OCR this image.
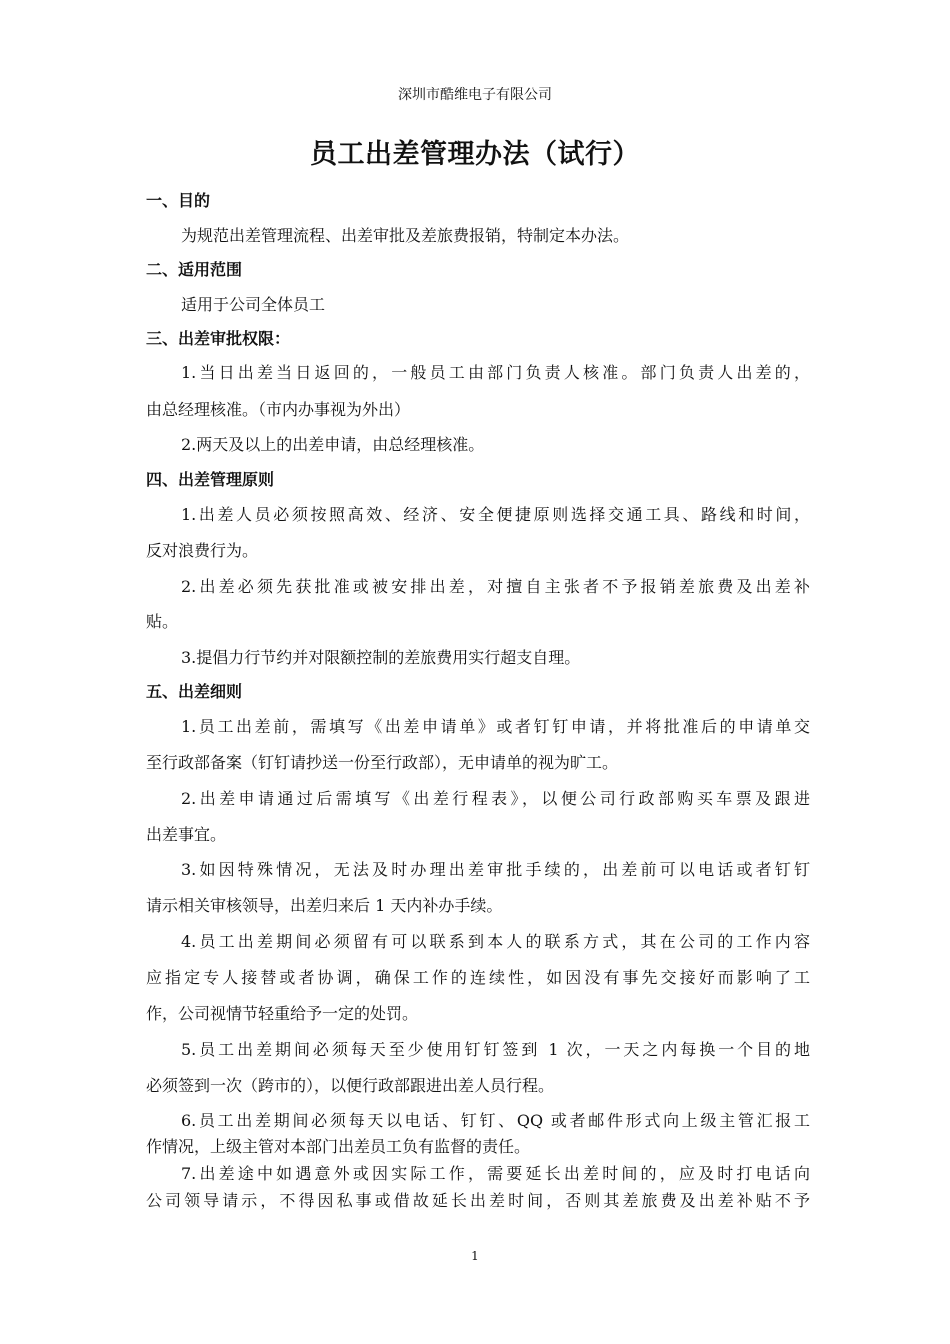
深圳市酷维电子有限公司
员工出差管理办法（试行）
一、目的
为规范出差管理流程、出差审批及差旅费报销，特制定本办法。
二、适用范围
适用于公司全体员工
三、出差审批权限：
1.当日出差当日返回的，一般员工由部门负责人核准。部门负责人出差的，
由总经理核准。（市内办事视为外出）
2.两天及以上的出差申请，由总经理核准。
四、出差管理原则
1.出差人员必须按照高效、经济、安全便捷原则选择交通工具、路线和时间，
反对浪费行为。
2.出差必须先获批准或被安排出差，对擅自主张者不予报销差旅费及出差补
贴。
3.提倡力行节约并对限额控制的差旅费用实行超支自理。
五、出差细则
1.员工出差前，需填写《出差申请单》或者钉钉申请，并将批准后的申请单交
至行政部备案（钉钉请抄送一份至行政部），无申请单的视为旷工。
2.出差申请通过后需填写《出差行程表》，以便公司行政部购买车票及跟进
出差事宜。
3.如因特殊情况，无法及时办理出差审批手续的，出差前可以电话或者钉钉
请示相关审核领导，出差归来后 1 天内补办手续。
4.员工出差期间必须留有可以联系到本人的联系方式，其在公司的工作内容
应指定专人接替或者协调，确保工作的连续性，如因没有事先交接好而影响了工
作，公司视情节轻重给予一定的处罚。
5.员工出差期间必须每天至少使用钉钉签到 1 次，一天之内每换一个目的地
必须签到一次（跨市的），以便行政部跟进出差人员行程。
6.员工出差期间必须每天以电话、钉钉、QQ 或者邮件形式向上级主管汇报工
作情况，上级主管对本部门出差员工负有监督的责任。
7.出差途中如遇意外或因实际工作，需要延长出差时间的，应及时打电话向
公司领导请示，不得因私事或借故延长出差时间，否则其差旅费及出差补贴不予
1
